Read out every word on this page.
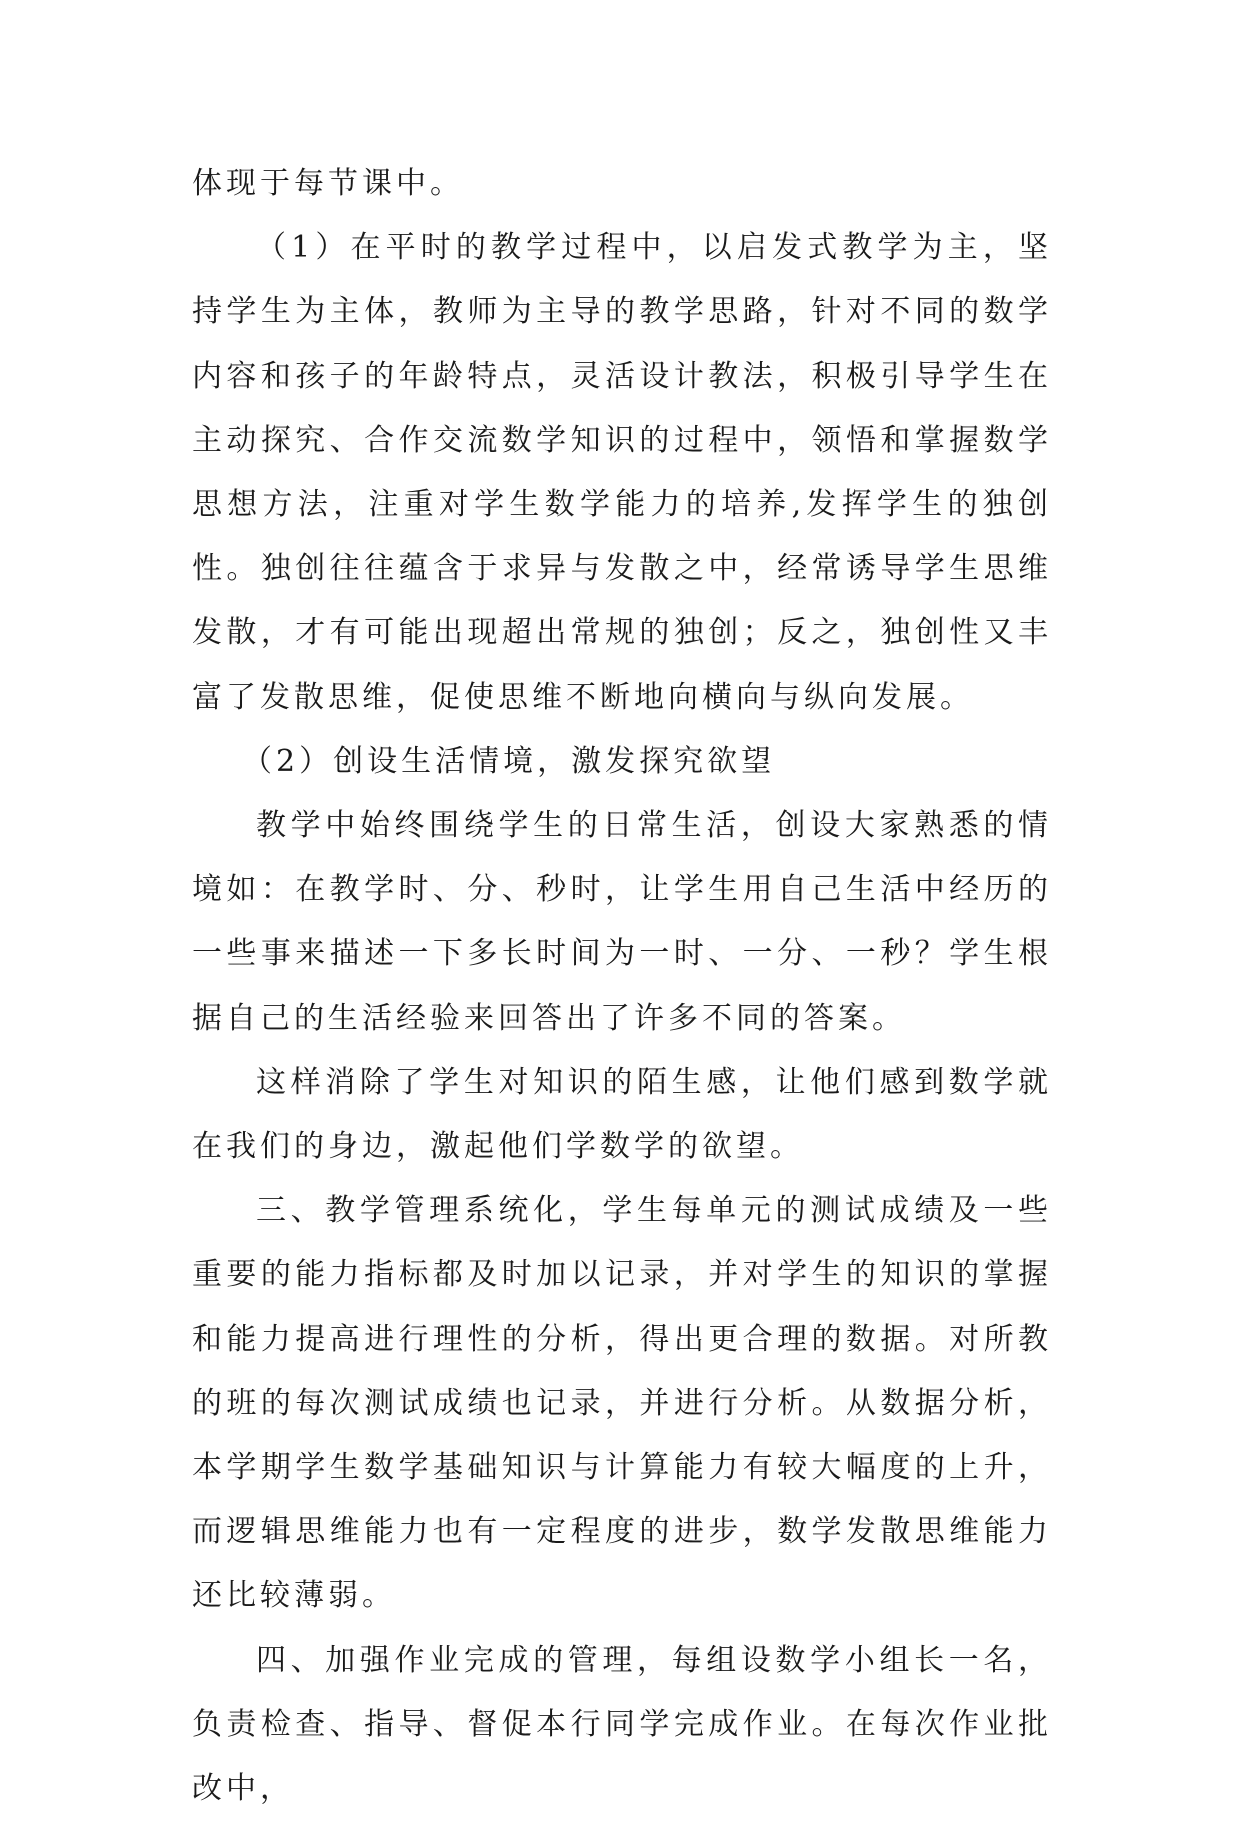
体现于每节课中。

（1）在平时的教学过程中，以启发式教学为主，坚持学生为主体，教师为主导的教学思路，针对不同的数学内容和孩子的年龄特点，灵活设计教法，积极引导学生在主动探究、合作交流数学知识的过程中，领悟和掌握数学思想方法，注重对学生数学能力的培养,发挥学生的独创性。独创往往蕴含于求异与发散之中，经常诱导学生思维发散，才有可能出现超出常规的独创；反之，独创性又丰富了发散思维，促使思维不断地向横向与纵向发展。

（2）创设生活情境，激发探究欲望

教学中始终围绕学生的日常生活，创设大家熟悉的情境如：在教学时、分、秒时，让学生用自己生活中经历的一些事来描述一下多长时间为一时、一分、一秒？学生根据自己的生活经验来回答出了许多不同的答案。

这样消除了学生对知识的陌生感，让他们感到数学就在我们的身边，激起他们学数学的欲望。

三、教学管理系统化，学生每单元的测试成绩及一些重要的能力指标都及时加以记录，并对学生的知识的掌握和能力提高进行理性的分析，得出更合理的数据。对所教的班的每次测试成绩也记录，并进行分析。从数据分析，本学期学生数学基础知识与计算能力有较大幅度的上升，而逻辑思维能力也有一定程度的进步，数学发散思维能力还比较薄弱。

四、加强作业完成的管理，每组设数学小组长一名，负责检查、指导、督促本行同学完成作业。在每次作业批改中，
